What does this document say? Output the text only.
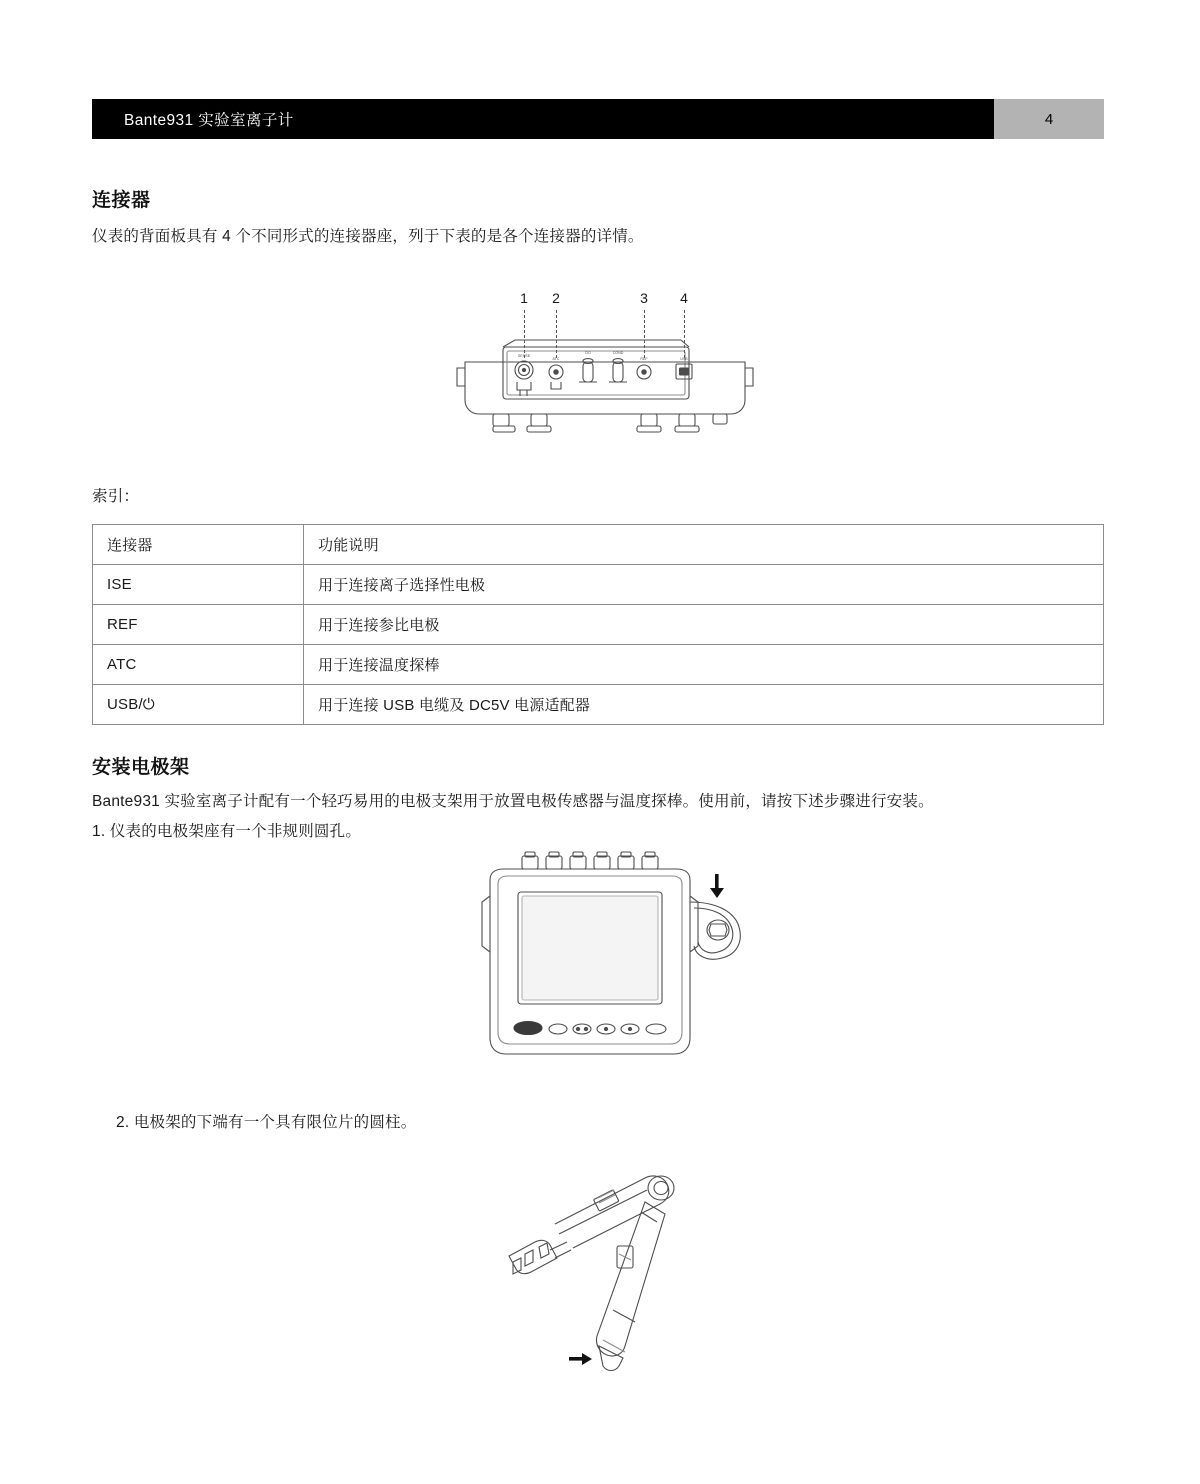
Bante931 实验室离子计	4
连接器
仪表的背面板具有 4 个不同形式的连接器座，列于下表的是各个连接器的详情。
1 2	3 4
SENSE
ATC
DO	COND
REF	USB
索引：
连接器	功能说明
ISE	用于连接离子选择性电极
REF	用于连接参比电极
ATC	用于连接温度探棒
USB/⏻	用于连接 USB 电缆及 DC5V 电源适配器
安装电极架
Bante931 实验室离子计配有一个轻巧易用的电极支架用于放置电极传感器与温度探棒。使用前，请按下述步骤进行安装。
1. 仪表的电极架座有一个非规则圆孔。
2. 电极架的下端有一个具有限位片的圆柱。
